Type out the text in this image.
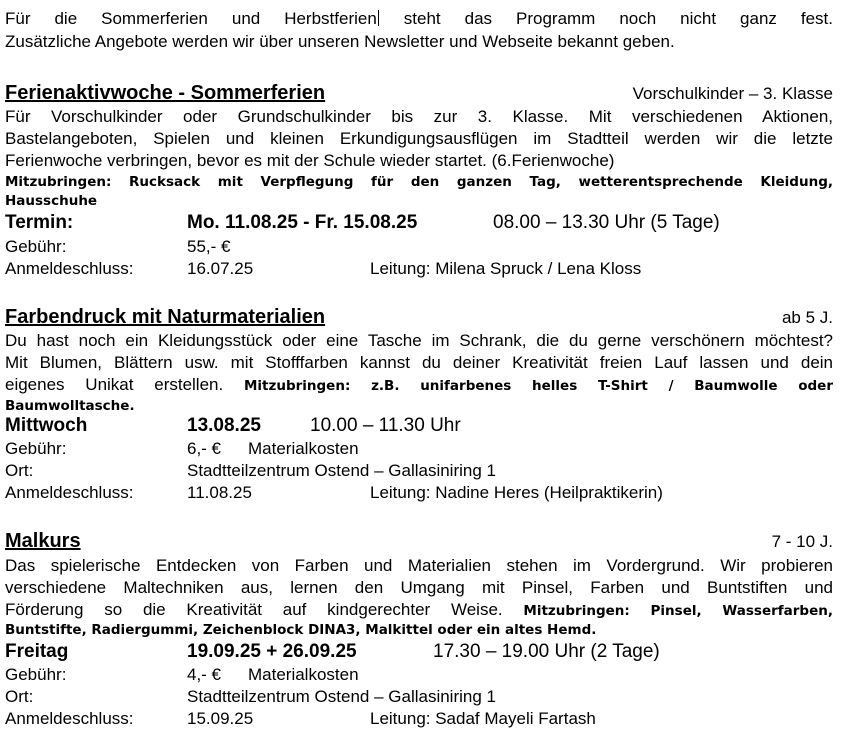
Für die Sommerferien und Herbstferien steht das Programm noch nicht ganz fest.
Zusätzliche Angebote werden wir über unseren Newsletter und Webseite bekannt geben.
Ferienaktivwoche - Sommerferien	Vorschulkinder – 3. Klasse
Für Vorschulkinder oder Grundschulkinder bis zur 3. Klasse. Mit verschiedenen Aktionen,
Bastelangeboten, Spielen und kleinen Erkundigungsausflügen im Stadtteil werden wir die letzte
Ferienwoche verbringen, bevor es mit der Schule wieder startet. (6.Ferienwoche)
Mitzubringen: Rucksack mit Verpflegung für den ganzen Tag, wetterentsprechende Kleidung,
Hausschuhe
Termin:	Mo. 11.08.25 - Fr. 15.08.25	08.00 – 13.30 Uhr (5 Tage)
Gebühr:	55,- €
Anmeldeschluss:	16.07.25	Leitung: Milena Spruck / Lena Kloss
Farbendruck mit Naturmaterialien	ab 5 J.
Du hast noch ein Kleidungsstück oder eine Tasche im Schrank, die du gerne verschönern möchtest?
Mit Blumen, Blättern usw. mit Stofffarben kannst du deiner Kreativität freien Lauf lassen und dein
eigenes Unikat erstellen. Mitzubringen: z.B. unifarbenes helles T-Shirt / Baumwolle oder
Baumwolltasche.
Mittwoch	13.08.25	10.00 – 11.30 Uhr
Gebühr:	6,- € Materialkosten
Ort:	Stadtteilzentrum Ostend – Gallasiniring 1
Anmeldeschluss:	11.08.25	Leitung: Nadine Heres (Heilpraktikerin)
Malkurs	7 - 10 J.
Das spielerische Entdecken von Farben und Materialien stehen im Vordergrund. Wir probieren
verschiedene Maltechniken aus, lernen den Umgang mit Pinsel, Farben und Buntstiften und
Förderung so die Kreativität auf kindgerechter Weise. Mitzubringen: Pinsel, Wasserfarben,
Buntstifte, Radiergummi, Zeichenblock DINA3, Malkittel oder ein altes Hemd.
Freitag	19.09.25 + 26.09.25	17.30 – 19.00 Uhr (2 Tage)
Gebühr:	4,- € Materialkosten
Ort:	Stadtteilzentrum Ostend – Gallasiniring 1
Anmeldeschluss:	15.09.25	Leitung: Sadaf Mayeli Fartash
